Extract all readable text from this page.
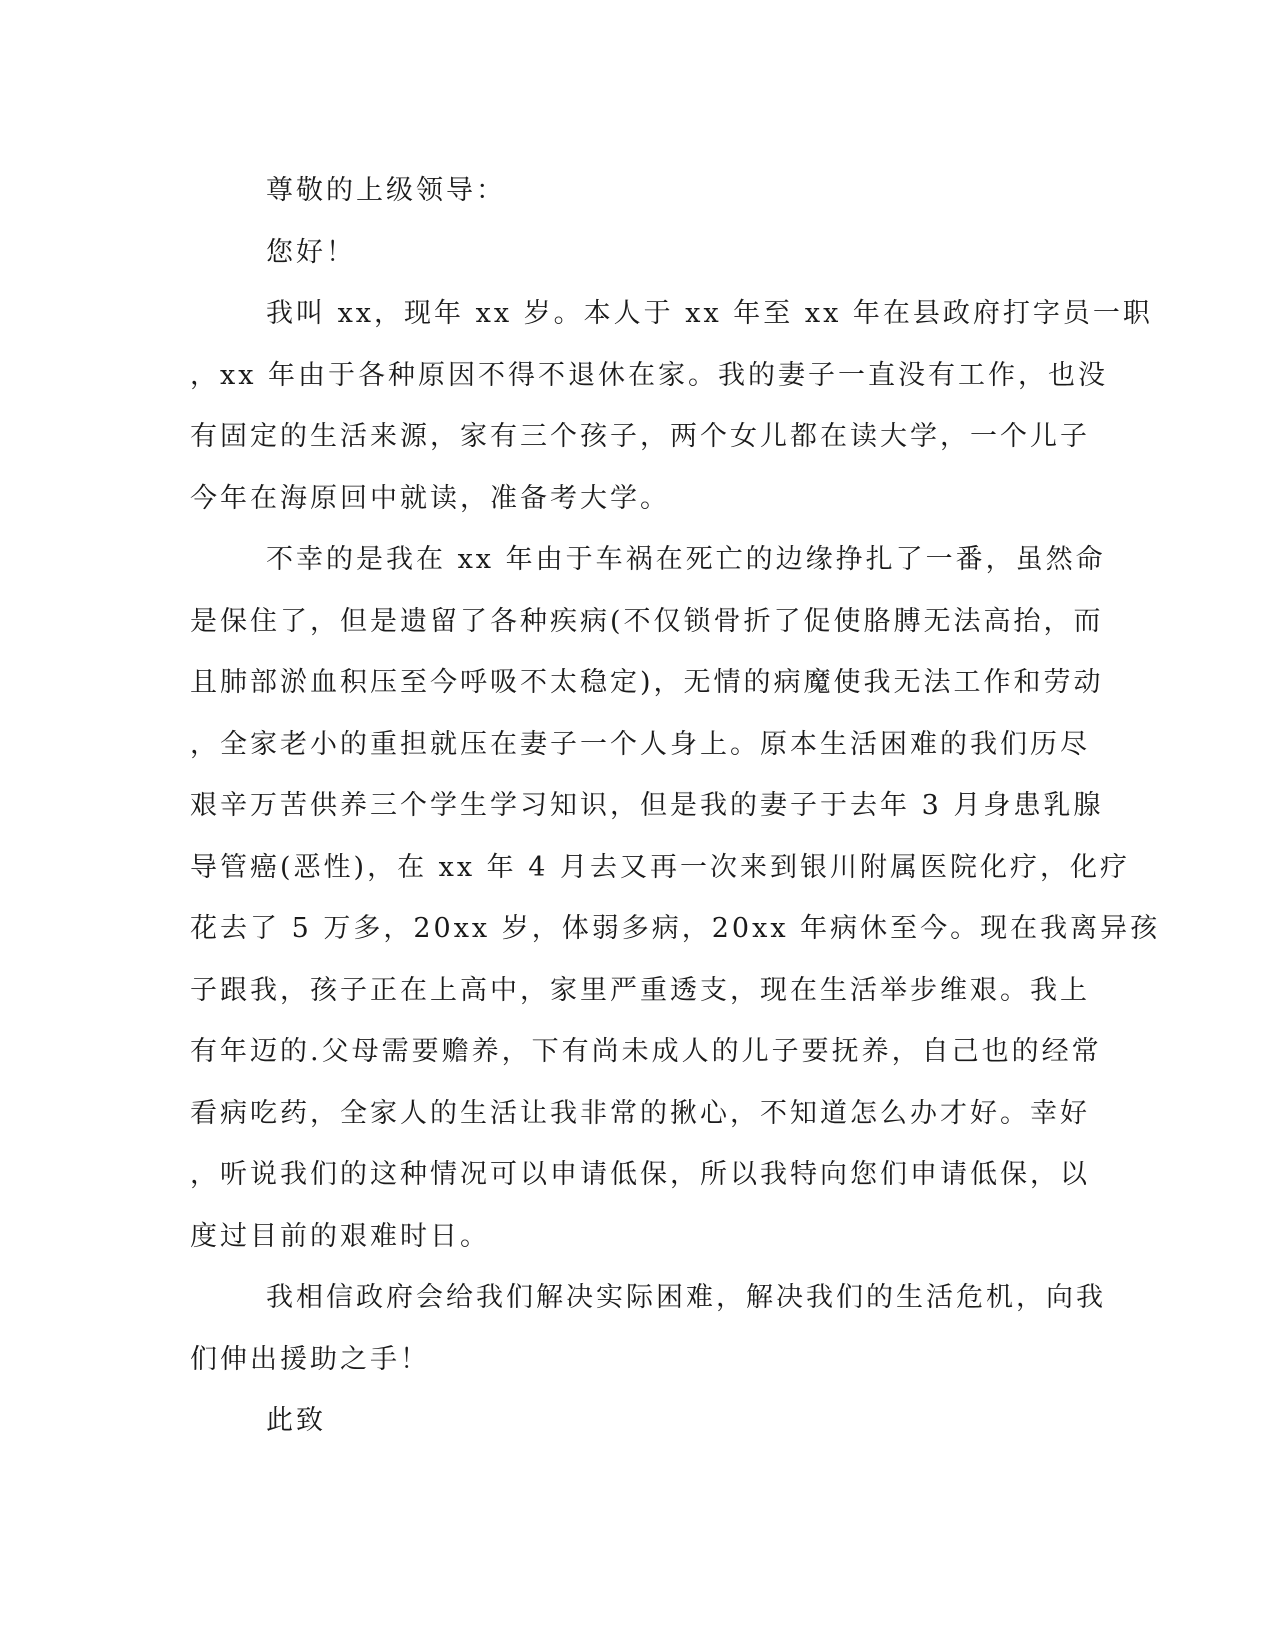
尊敬的上级领导：
您好！
我叫 xx，现年 xx 岁。本人于 xx 年至 xx 年在县政府打字员一职
，xx 年由于各种原因不得不退休在家。我的妻子一直没有工作，也没
有固定的生活来源，家有三个孩子，两个女儿都在读大学，一个儿子
今年在海原回中就读，准备考大学。
不幸的是我在 xx 年由于车祸在死亡的边缘挣扎了一番，虽然命
是保住了，但是遗留了各种疾病(不仅锁骨折了促使胳膊无法高抬，而
且肺部淤血积压至今呼吸不太稳定)，无情的病魔使我无法工作和劳动
，全家老小的重担就压在妻子一个人身上。原本生活困难的我们历尽
艰辛万苦供养三个学生学习知识，但是我的妻子于去年 3 月身患乳腺
导管癌(恶性)，在 xx 年 4 月去又再一次来到银川附属医院化疗，化疗
花去了 5 万多，20xx 岁，体弱多病，20xx 年病休至今。现在我离异孩
子跟我，孩子正在上高中，家里严重透支，现在生活举步维艰。我上
有年迈的.父母需要赡养，下有尚未成人的儿子要抚养，自己也的经常
看病吃药，全家人的生活让我非常的揪心，不知道怎么办才好。幸好
，听说我们的这种情况可以申请低保，所以我特向您们申请低保，以
度过目前的艰难时日。
我相信政府会给我们解决实际困难，解决我们的生活危机，向我
们伸出援助之手！
此致
